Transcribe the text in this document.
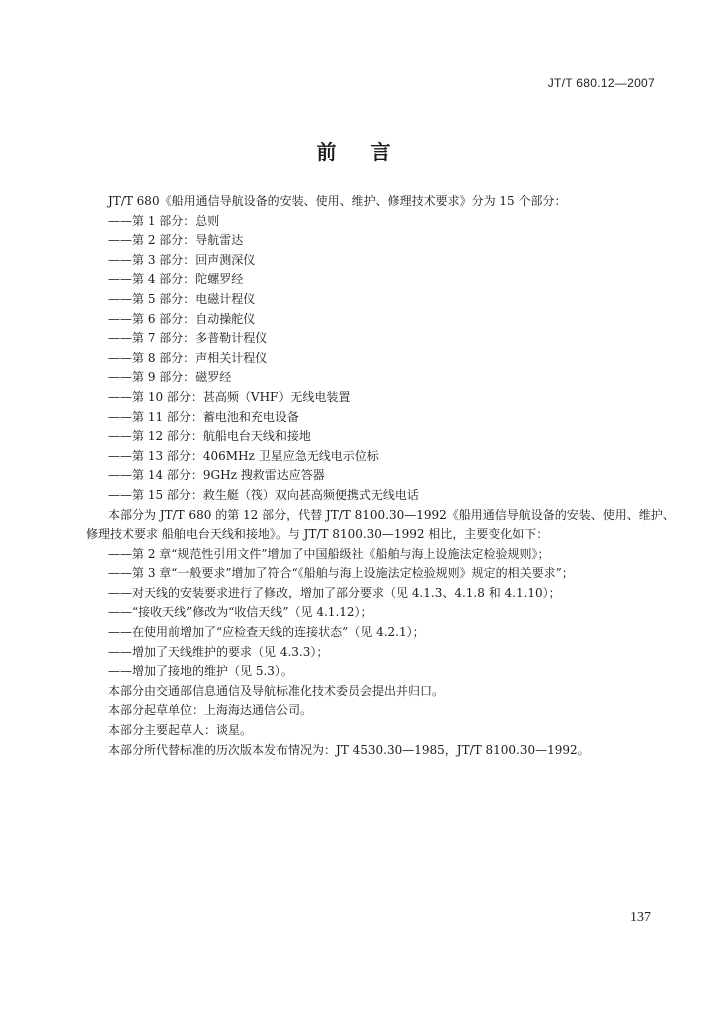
JT/T 680.12—2007
前言
JT/T 680《船用通信导航设备的安装、使用、维护、修理技术要求》分为 15 个部分：
——第 1 部分：总则
——第 2 部分：导航雷达
——第 3 部分：回声测深仪
——第 4 部分：陀螺罗经
——第 5 部分：电磁计程仪
——第 6 部分：自动操舵仪
——第 7 部分：多普勒计程仪
——第 8 部分：声相关计程仪
——第 9 部分：磁罗经
——第 10 部分：甚高频（VHF）无线电装置
——第 11 部分：蓄电池和充电设备
——第 12 部分：航船电台天线和接地
——第 13 部分：406MHz 卫星应急无线电示位标
——第 14 部分：9GHz 搜救雷达应答器
——第 15 部分：救生艇（筏）双向甚高频便携式无线电话
本部分为 JT/T 680 的第 12 部分，代替 JT/T 8100.30—1992《船用通信导航设备的安装、使用、维护、
修理技术要求 船舶电台天线和接地》。与 JT/T 8100.30—1992 相比，主要变化如下：
——第 2 章“规范性引用文件”增加了中国船级社《船舶与海上设施法定检验规则》；
——第 3 章“一般要求”增加了符合“《船舶与海上设施法定检验规则》规定的相关要求”；
——对天线的安装要求进行了修改，增加了部分要求（见 4.1.3、4.1.8 和 4.1.10）；
——“接收天线”修改为“收信天线”（见 4.1.12）；
——在使用前增加了“应检查天线的连接状态”（见 4.2.1）；
——增加了天线维护的要求（见 4.3.3）；
——增加了接地的维护（见 5.3）。
本部分由交通部信息通信及导航标准化技术委员会提出并归口。
本部分起草单位：上海海达通信公司。
本部分主要起草人：谈星。
本部分所代替标准的历次版本发布情况为：JT 4530.30—1985，JT/T 8100.30—1992。
137
